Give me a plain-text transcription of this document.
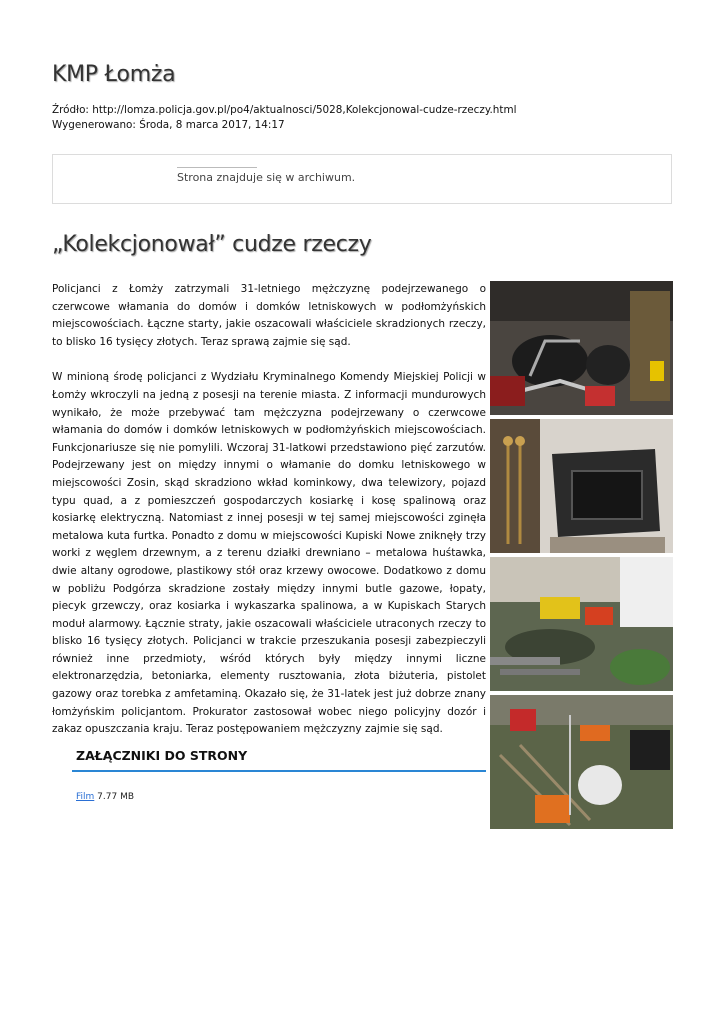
KMP Łomża
Źródło: http://lomza.policja.gov.pl/po4/aktualnosci/5028,Kolekcjonowal-cudze-rzeczy.html
Wygenerowano: Środa, 8 marca 2017, 14:17
Strona znajduje się w archiwum.
„Kolekcjonował” cudze rzeczy

Policjanci z Łomży zatrzymali 31-letniego mężczyznę podejrzewanego o czerwcowe włamania do domów i domków letniskowych w podłomżyńskich miejscowościach. Łączne starty, jakie oszacowali właściciele skradzionych rzeczy, to blisko 16 tysięcy złotych. Teraz sprawą zajmie się sąd.

W minioną środę policjanci z Wydziału Kryminalnego Komendy Miejskiej Policji w Łomży wkroczyli na jedną z posesji na terenie miasta. Z informacji mundurowych wynikało, że może przebywać tam mężczyzna podejrzewany o czerwcowe włamania do domów i domków letniskowych w podłomżyńskich miejscowościach. Funkcjonariusze się nie pomylili. Wczoraj 31-latkowi przedstawiono pięć zarzutów. Podejrzewany jest on między innymi o włamanie do domku letniskowego w miejscowości Zosin, skąd skradziono wkład kominkowy, dwa telewizory, pojazd typu quad, a z pomieszczeń gospodarczych kosiarkę i kosę spalinową oraz kosiarkę elektryczną. Natomiast z innej posesji w tej samej miejscowości zginęła metalowa kuta furtka. Ponadto z domu w miejscowości Kupiski Nowe zniknęły trzy worki z węglem drzewnym, a z terenu działki drewniano – metalowa huśtawka, dwie altany ogrodowe, plastikowy stół oraz krzewy owocowe. Dodatkowo z domu w pobliżu Podgórza skradzione zostały między innymi butle gazowe, łopaty, piecyk grzewczy, oraz kosiarka i wykaszarka spalinowa, a w Kupiskach Starych moduł alarmowy. Łącznie straty, jakie oszacowali właściciele utraconych rzeczy to blisko 16 tysięcy złotych. Policjanci w trakcie przeszukania posesji zabezpieczyli również inne przedmioty, wśród których były między innymi liczne elektronarzędzia, betoniarka, elementy rusztowania, złota biżuteria, pistolet gazowy oraz torebka z amfetaminą. Okazało się, że 31-latek jest już dobrze znany łomżyńskim policjantom. Prokurator zastosował wobec niego policyjny dozór i zakaz opuszczania kraju. Teraz postępowaniem mężczyzny zajmie się sąd.

ZAŁĄCZNIKI DO STRONY
Film 7.77 MB
